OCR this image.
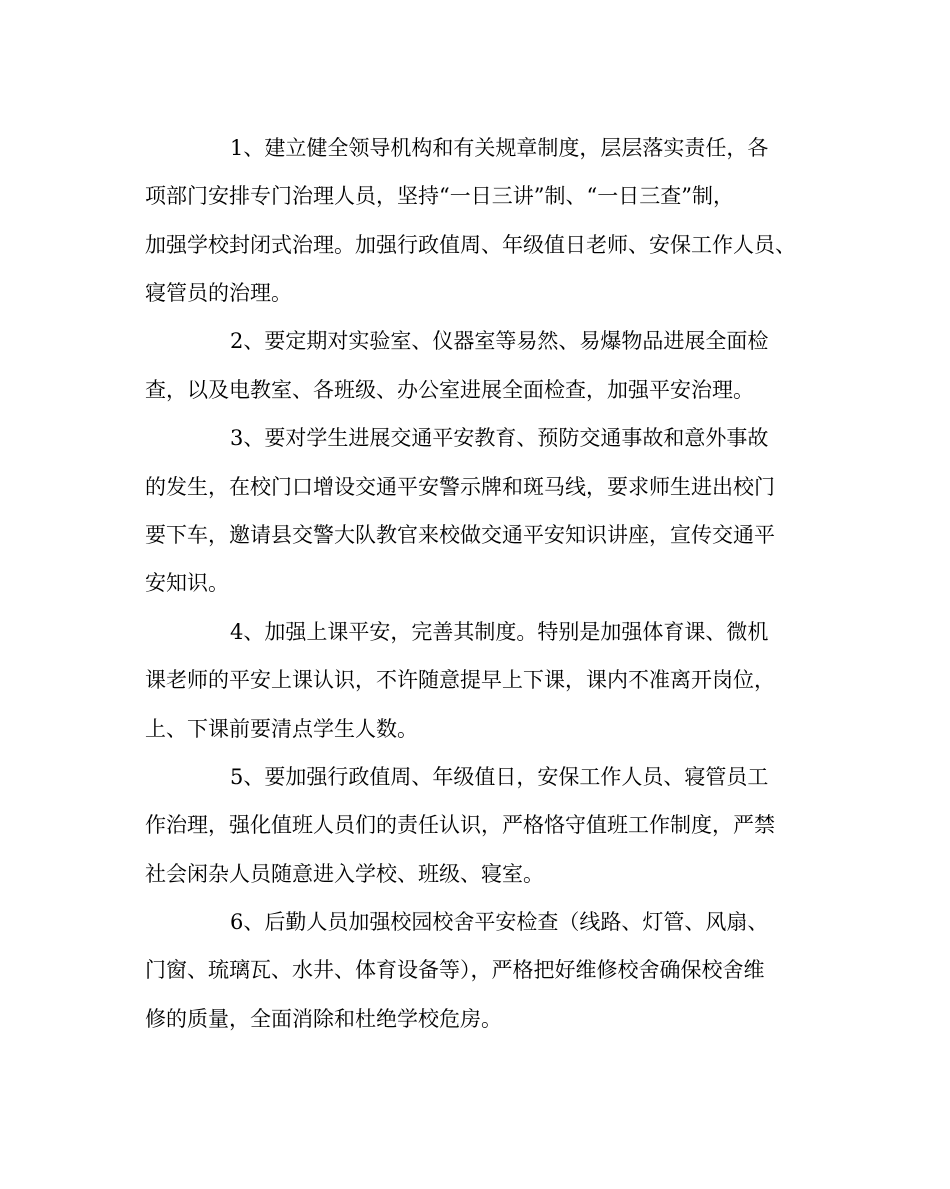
1、建立健全领导机构和有关规章制度，层层落实责任，各
项部门安排专门治理人员，坚持“一日三讲”制、“一日三查”制，
加强学校封闭式治理。加强行政值周、年级值日老师、安保工作人员、
寝管员的治理。
2、要定期对实验室、仪器室等易然、易爆物品进展全面检
查，以及电教室、各班级、办公室进展全面检查，加强平安治理。
3、要对学生进展交通平安教育、预防交通事故和意外事故
的发生，在校门口增设交通平安警示牌和斑马线，要求师生进出校门
要下车，邀请县交警大队教官来校做交通平安知识讲座，宣传交通平
安知识。
4、加强上课平安，完善其制度。特别是加强体育课、微机
课老师的平安上课认识，不许随意提早上下课，课内不准离开岗位，
上、下课前要清点学生人数。
5、要加强行政值周、年级值日，安保工作人员、寝管员工
作治理，强化值班人员们的责任认识，严格恪守值班工作制度，严禁
社会闲杂人员随意进入学校、班级、寝室。
6、后勤人员加强校园校舍平安检查（线路、灯管、风扇、
门窗、琉璃瓦、水井、体育设备等），严格把好维修校舍确保校舍维
修的质量，全面消除和杜绝学校危房。
